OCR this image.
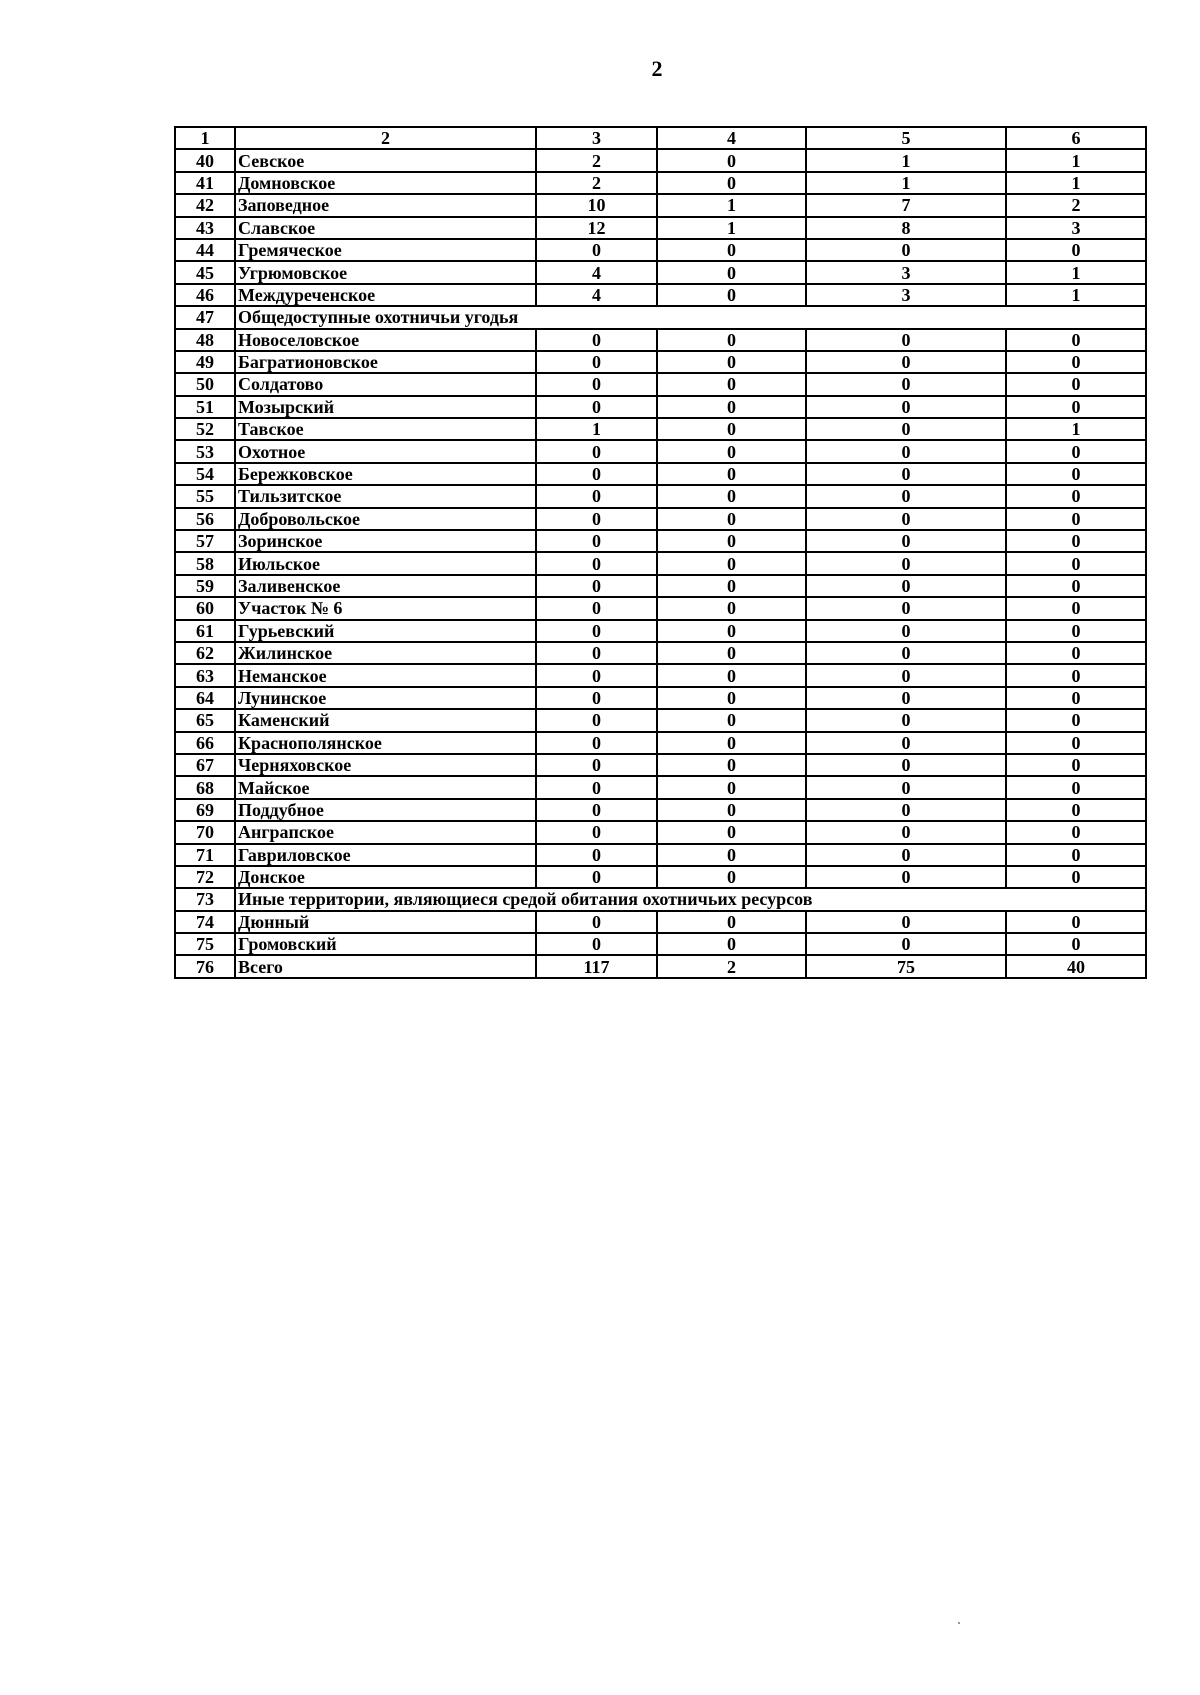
2
1	2	3	4	5	6
40	Севское	2	0	1	1
41	Домновское	2	0	1	1
42	Заповедное	10	1	7	2
43	Славское	12	1	8	3
44	Гремяческое	0	0	0	0
45	Угрюмовское	4	0	3	1
46	Междуреченское	4	0	3	1
47	Общедоступные охотничьи угодья				
48	Новоселовское	0	0	0	0
49	Багратионовское	0	0	0	0
50	Солдатово	0	0	0	0
51	Мозырский	0	0	0	0
52	Тавское	1	0	0	1
53	Охотное	0	0	0	0
54	Бережковское	0	0	0	0
55	Тильзитское	0	0	0	0
56	Добровольское	0	0	0	0
57	Зоринское	0	0	0	0
58	Июльское	0	0	0	0
59	Заливенское	0	0	0	0
60	Участок № 6	0	0	0	0
61	Гурьевский	0	0	0	0
62	Жилинское	0	0	0	0
63	Неманское	0	0	0	0
64	Лунинское	0	0	0	0
65	Каменский	0	0	0	0
66	Краснополянское	0	0	0	0
67	Черняховское	0	0	0	0
68	Майское	0	0	0	0
69	Поддубное	0	0	0	0
70	Ангрaпское	0	0	0	0
71	Гавриловское	0	0	0	0
72	Донское	0	0	0	0
73	Иные территории, являющиеся средой обитания охотничьих ресурсов				
74	Дюнный	0	0	0	0
75	Громовский	0	0	0	0
76	Всего	117	2	75	40
